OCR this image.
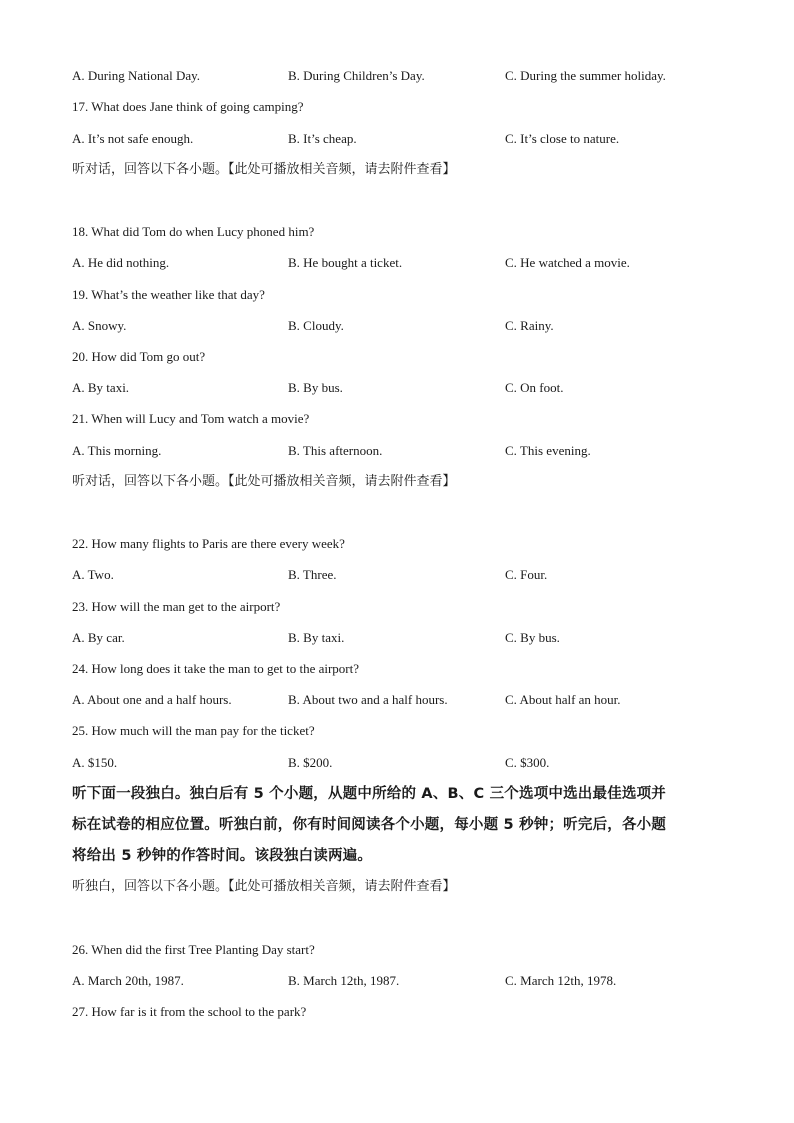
A. During National Day.	B. During Children’s Day.	C. During the summer holiday.
17. What does Jane think of going camping?
A. It’s not safe enough.	B. It’s cheap.	C. It’s close to nature.
听对话，回答以下各小题。【此处可播放相关音频，请去附件查看】
18. What did Tom do when Lucy phoned him?
A. He did nothing.	B. He bought a ticket.	C. He watched a movie.
19. What’s the weather like that day?
A. Snowy.	B. Cloudy.	C. Rainy.
20. How did Tom go out?
A. By taxi.	B. By bus.	C. On foot.
21. When will Lucy and Tom watch a movie?
A. This morning.	B. This afternoon.	C. This evening.
听对话，回答以下各小题。【此处可播放相关音频，请去附件查看】
22. How many flights to Paris are there every week?
A. Two.	B. Three.	C. Four.
23. How will the man get to the airport?
A. By car.	B. By taxi.	C. By bus.
24. How long does it take the man to get to the airport?
A. About one and a half hours.	B. About two and a half hours.	C. About half an hour.
25. How much will the man pay for the ticket?
A. $150.	B. $200.	C. $300.
听下面一段独白。独白后有 5 个小题，从题中所给的 A、B、C 三个选项中选出最佳选项并
标在试卷的相应位置。听独白前，你有时间阅读各个小题，每小题 5 秒钟；听完后，各小题
将给出 5 秒钟的作答时间。该段独白读两遍。
听独白，回答以下各小题。【此处可播放相关音频，请去附件查看】
26. When did the first Tree Planting Day start?
A. March 20th, 1987.	B. March 12th, 1987.	C. March 12th, 1978.
27. How far is it from the school to the park?
